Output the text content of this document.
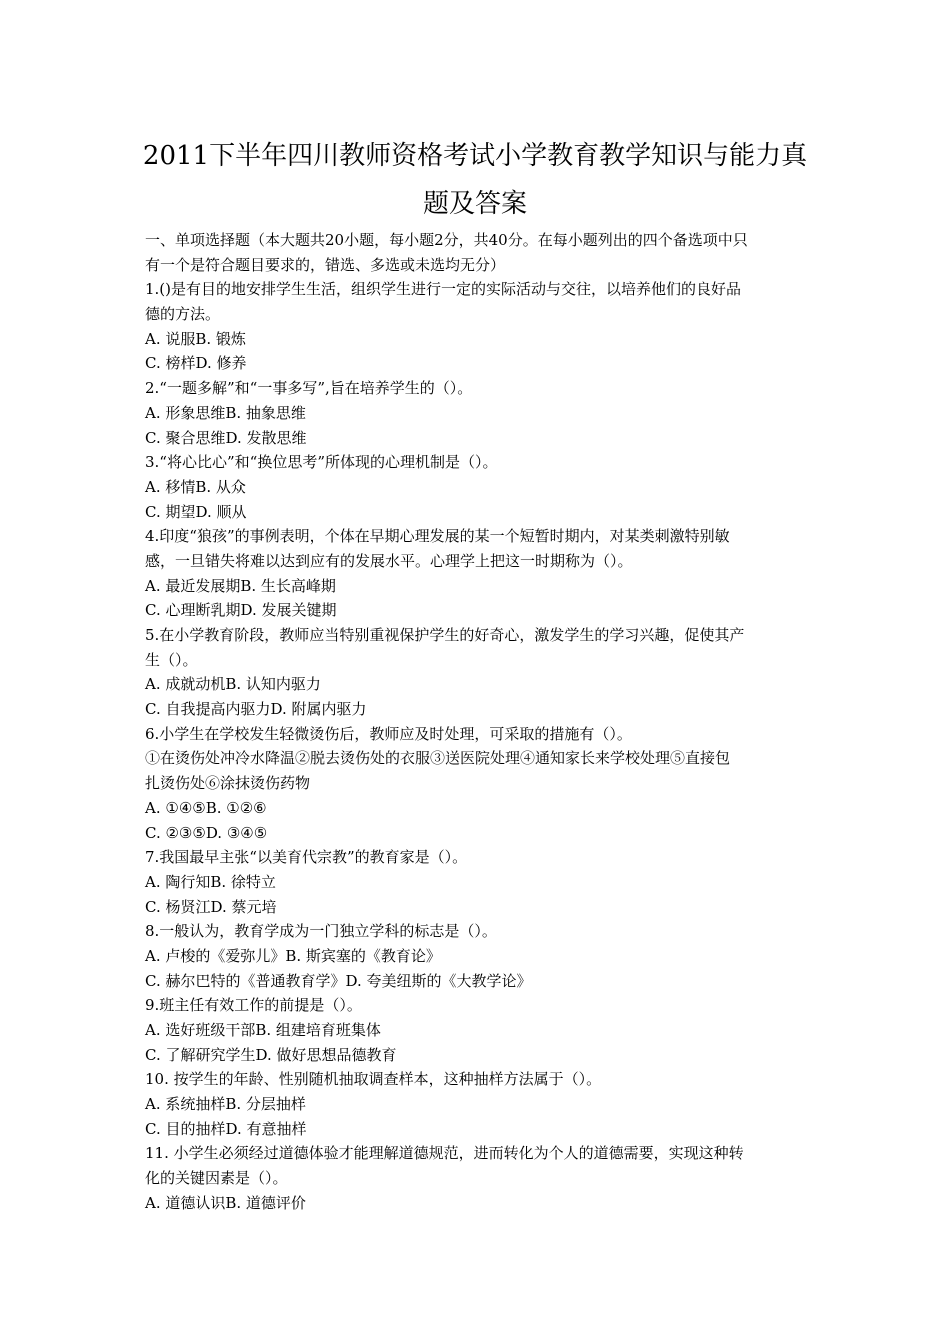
2011下半年四川教师资格考试小学教育教学知识与能力真
题及答案
一、单项选择题（本大题共20小题，每小题2分，共40分。在每小题列出的四个备选项中只
有一个是符合题目要求的，错选、多选或未选均无分）
1.()是有目的地安排学生生活，组织学生进行一定的实际活动与交往，以培养他们的良好品
德的方法。
A. 说服B. 锻炼
C. 榜样D. 修养
2.“一题多解”和“一事多写”,旨在培养学生的（）。
A. 形象思维B. 抽象思维
C. 聚合思维D. 发散思维
3.“将心比心”和“换位思考”所体现的心理机制是（）。
A. 移情B. 从众
C. 期望D. 顺从
4.印度“狼孩”的事例表明，个体在早期心理发展的某一个短暂时期内，对某类刺激特别敏
感，一旦错失将难以达到应有的发展水平。心理学上把这一时期称为（）。
A. 最近发展期B. 生长高峰期
C. 心理断乳期D. 发展关键期
5.在小学教育阶段，教师应当特别重视保护学生的好奇心，激发学生的学习兴趣，促使其产
生（）。
A. 成就动机B. 认知内驱力
C. 自我提高内驱力D. 附属内驱力
6.小学生在学校发生轻微烫伤后，教师应及时处理，可采取的措施有（）。
①在烫伤处冲冷水降温②脱去烫伤处的衣服③送医院处理④通知家长来学校处理⑤直接包
扎烫伤处⑥涂抹烫伤药物
A. ①④⑤B. ①②⑥
C. ②③⑤D. ③④⑤
7.我国最早主张“以美育代宗教”的教育家是（）。
A. 陶行知B. 徐特立
C. 杨贤江D. 蔡元培
8.一般认为，教育学成为一门独立学科的标志是（）。
A. 卢梭的《爱弥儿》B. 斯宾塞的《教育论》
C. 赫尔巴特的《普通教育学》D. 夸美纽斯的《大教学论》
9.班主任有效工作的前提是（）。
A. 选好班级干部B. 组建培育班集体
C. 了解研究学生D. 做好思想品德教育
10. 按学生的年龄、性别随机抽取调查样本，这种抽样方法属于（）。
A. 系统抽样B. 分层抽样
C. 目的抽样D. 有意抽样
11. 小学生必须经过道德体验才能理解道德规范，进而转化为个人的道德需要，实现这种转
化的关键因素是（）。
A. 道德认识B. 道德评价
